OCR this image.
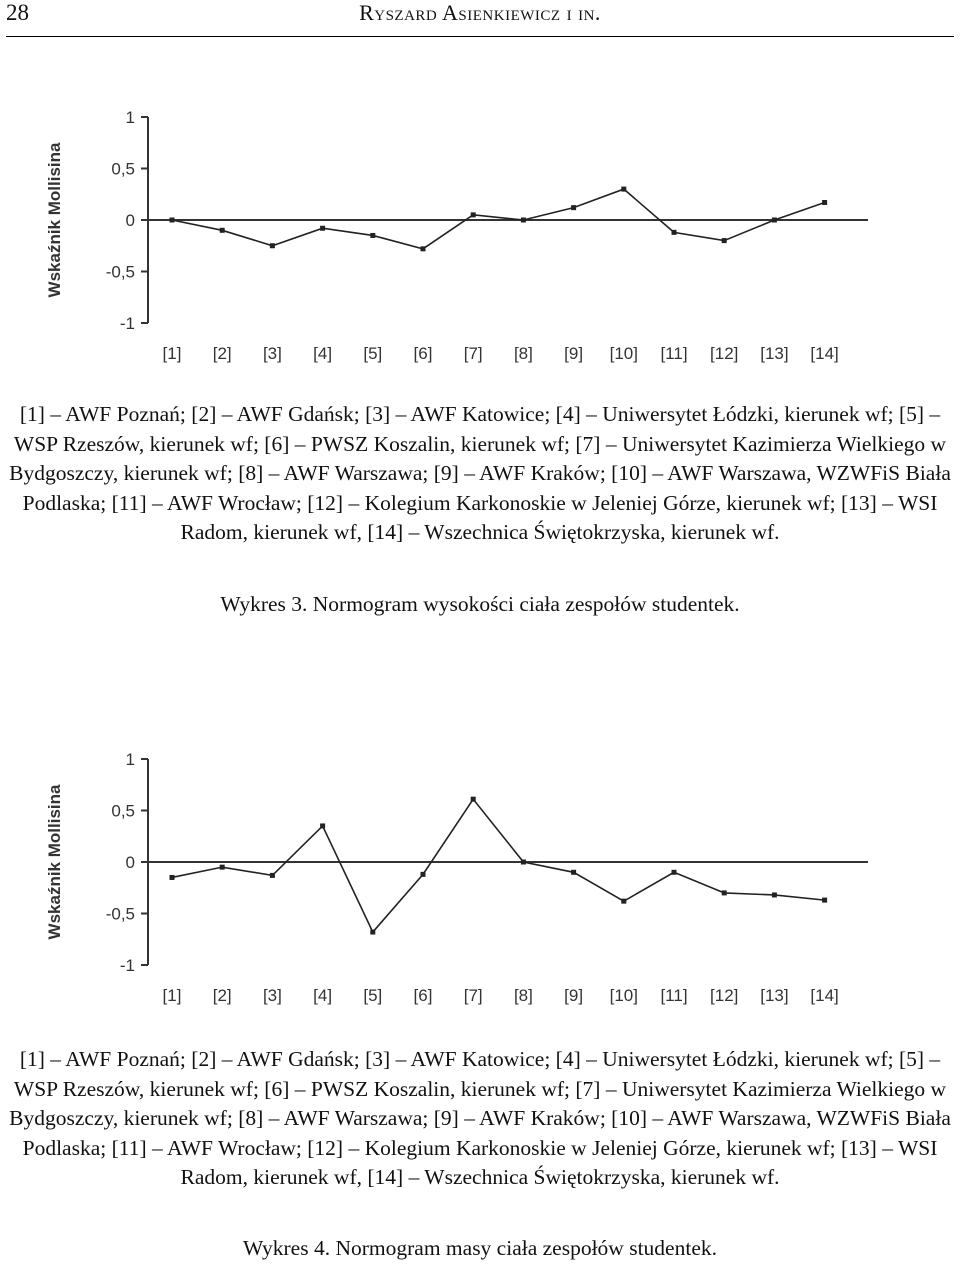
28	Ryszard Asienkiewicz i in.
1
0,5
0
-0,5
-1
Wskaźnik Mollisina
[1] [2] [3] [4] [5] [6] [7] [8] [9] [10] [11] [12] [13] [14]
[1] – AWF Poznań; [2] – AWF Gdańsk; [3] – AWF Katowice; [4] – Uniwersytet Łódzki, kierunek wf; [5] – WSP Rzeszów, kierunek wf; [6] – PWSZ Koszalin, kierunek wf; [7] – Uniwersytet Kazimierza Wielkiego w Bydgoszczy, kierunek wf; [8] – AWF Warszawa; [9] – AWF Kraków; [10] – AWF Warszawa, WZWFiS Biała Podlaska; [11] – AWF Wrocław; [12] – Kolegium Karkonoskie w Jeleniej Górze, kierunek wf; [13] – WSI Radom, kierunek wf, [14] – Wszechnica Świętokrzyska, kierunek wf.
Wykres 3. Normogram wysokości ciała zespołów studentek.
1
0,5
0
-0,5
-1
Wskaźnik Mollisina
[1] [2] [3] [4] [5] [6] [7] [8] [9] [10] [11] [12] [13] [14]
[1] – AWF Poznań; [2] – AWF Gdańsk; [3] – AWF Katowice; [4] – Uniwersytet Łódzki, kierunek wf; [5] – WSP Rzeszów, kierunek wf; [6] – PWSZ Koszalin, kierunek wf; [7] – Uniwersytet Kazimierza Wielkiego w Bydgoszczy, kierunek wf; [8] – AWF Warszawa; [9] – AWF Kraków; [10] – AWF Warszawa, WZWFiS Biała Podlaska; [11] – AWF Wrocław; [12] – Kolegium Karkonoskie w Jeleniej Górze, kierunek wf; [13] – WSI Radom, kierunek wf, [14] – Wszechnica Świętokrzyska, kierunek wf.
Wykres 4. Normogram masy ciała zespołów studentek.
